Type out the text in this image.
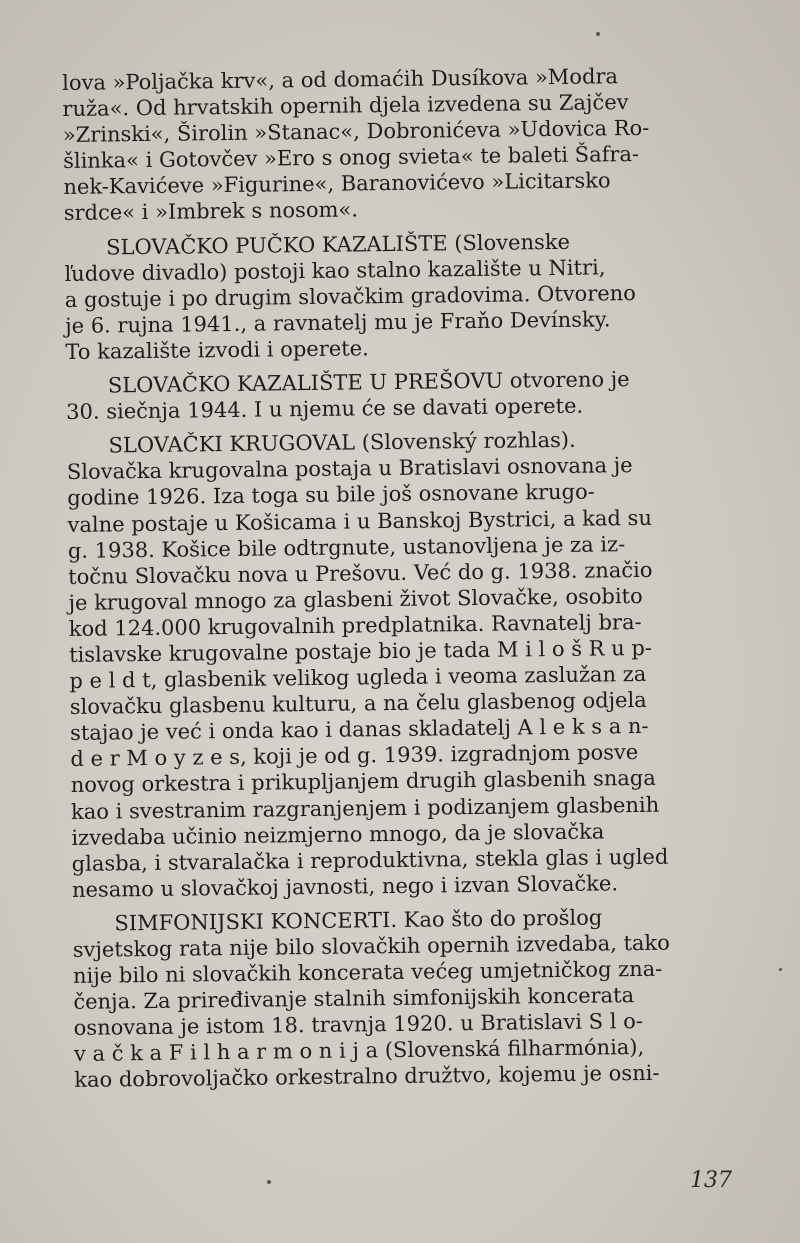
lova »Poljačka krv«, a od domaćih Dusíkova »Modra
ruža«. Od hrvatskih opernih djela izvedena su Zajčev
»Zrinski«, Širolin »Stanac«, Dobronićeva »Udovica Ro-
šlinka« i Gotovčev »Ero s onog svieta« te baleti Šafra-
nek-Kavićeve »Figurine«, Baranovićevo »Licitarsko
srdce« i »Imbrek s nosom«.
SLOVAČKO PUČKO KAZALIŠTE (Slovenske
ľudove divadlo) postoji kao stalno kazalište u Nitri,
a gostuje i po drugim slovačkim gradovima. Otvoreno
je 6. rujna 1941., a ravnatelj mu je Fraňo Devínsky.
To kazalište izvodi i operete.
SLOVAČKO KAZALIŠTE U PREŠOVU otvoreno je
30. siečnja 1944. I u njemu će se davati operete.
SLOVAČKI KRUGOVAL (Slovenský rozhlas).
Slovačka krugovalna postaja u Bratislavi osnovana je
godine 1926. Iza toga su bile još osnovane krugo-
valne postaje u Košicama i u Banskoj Bystrici, a kad su
g. 1938. Košice bile odtrgnute, ustanovljena je za iz-
točnu Slovačku nova u Prešovu. Već do g. 1938. značio
je krugoval mnogo za glasbeni život Slovačke, osobito
kod 124.000 krugovalnih predplatnika. Ravnatelj bra-
tislavske krugovalne postaje bio je tada M i l o š R u p-
p e l d t, glasbenik velikog ugleda i veoma zaslužan za
slovačku glasbenu kulturu, a na čelu glasbenog odjela
stajao je već i onda kao i danas skladatelj A l e k s a n-
d e r M o y z e s, koji je od g. 1939. izgradnjom posve
novog orkestra i prikupljanjem drugih glasbenih snaga
kao i svestranim razgranjenjem i podizanjem glasbenih
izvedaba učinio neizmjerno mnogo, da je slovačka
glasba, i stvaralačka i reproduktivna, stekla glas i ugled
nesamo u slovačkoj javnosti, nego i izvan Slovačke.
SIMFONIJSKI KONCERTI. Kao što do prošlog
svjetskog rata nije bilo slovačkih opernih izvedaba, tako
nije bilo ni slovačkih koncerata većeg umjetničkog zna-
čenja. Za priređivanje stalnih simfonijskih koncerata
osnovana je istom 18. travnja 1920. u Bratislavi S l o-
v a č k a F i l h a r m o n i j a (Slovenská filharmónia),
kao dobrovoljačko orkestralno družtvo, kojemu je osni-
137
